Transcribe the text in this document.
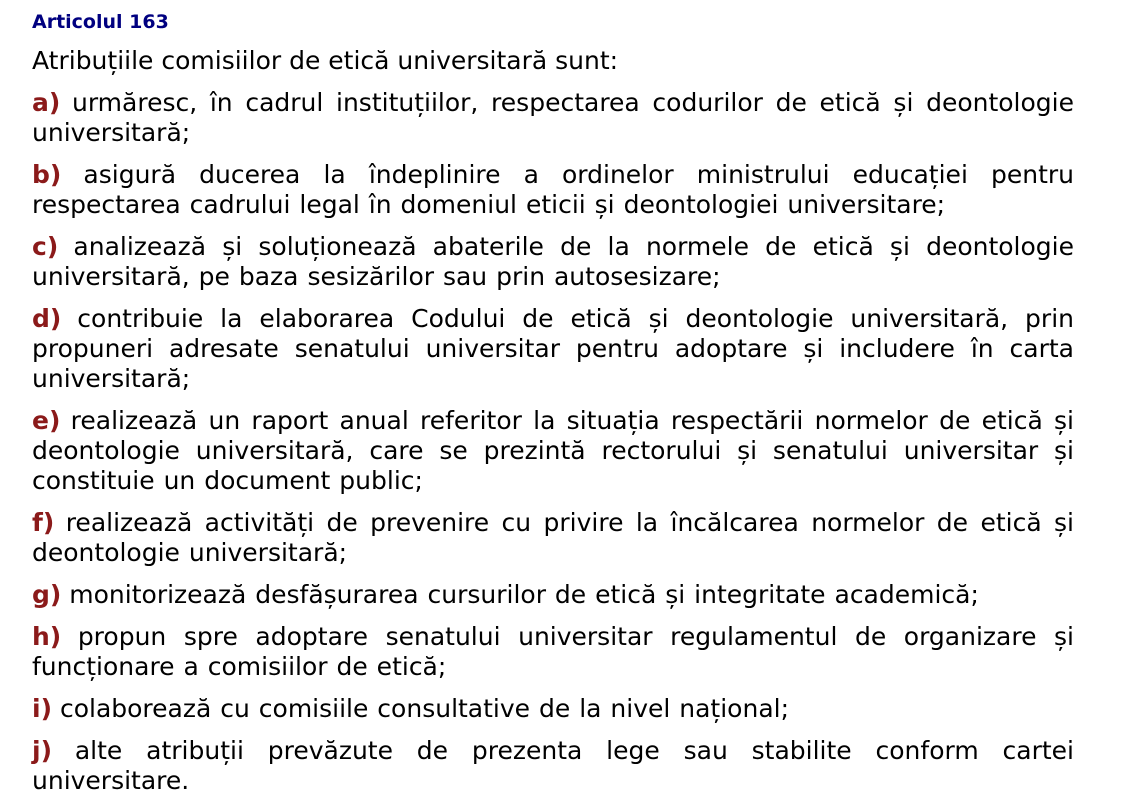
Articolul 163

Atribuțiile comisiilor de etică universitară sunt:

a) urmăresc, în cadrul instituțiilor, respectarea codurilor de etică și deontologie universitară;
b) asigură ducerea la îndeplinire a ordinelor ministrului educației pentru respectarea cadrului legal în domeniul eticii și deontologiei universitare;
c) analizează și soluționează abaterile de la normele de etică și deontologie universitară, pe baza sesizărilor sau prin autosesizare;
d) contribuie la elaborarea Codului de etică și deontologie universitară, prin propuneri adresate senatului universitar pentru adoptare și includere în carta universitară;
e) realizează un raport anual referitor la situația respectării normelor de etică și deontologie universitară, care se prezintă rectorului și senatului universitar și constituie un document public;
f) realizează activități de prevenire cu privire la încălcarea normelor de etică și deontologie universitară;
g) monitorizează desfășurarea cursurilor de etică și integritate academică;
h) propun spre adoptare senatului universitar regulamentul de organizare și funcționare a comisiilor de etică;
i) colaborează cu comisiile consultative de la nivel național;
j) alte atribuții prevăzute de prezenta lege sau stabilite conform cartei universitare.
